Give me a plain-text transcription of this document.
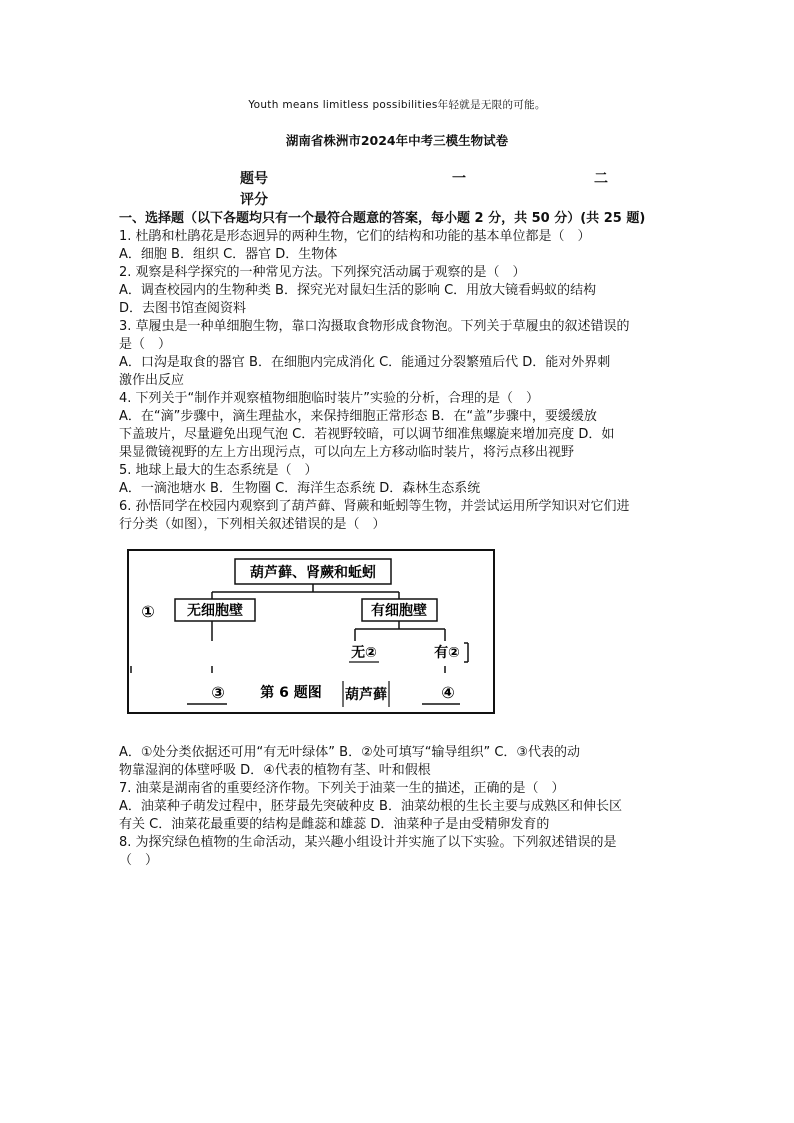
Youth means limitless possibilities年轻就是无限的可能。
湖南省株洲市2024年中考三模生物试卷
题号	一	二
评分

一、选择题（以下各题均只有一个最符合题意的答案，每小题 2 分，共 50 分）(共 25 题)

1. 杜鹃和杜鹃花是形态迥异的两种生物，它们的结构和功能的基本单位都是（　）

A．细胞 B．组织 C．器官 D．生物体

2. 观察是科学探究的一种常见方法。下列探究活动属于观察的是（　）

A．调查校园内的生物种类 B．探究光对鼠妇生活的影响 C．用放大镜看蚂蚁的结构

D．去图书馆查阅资料

3. 草履虫是一种单细胞生物，靠口沟摄取食物形成食物泡。下列关于草履虫的叙述错误的

是（　）

A．口沟是取食的器官 B．在细胞内完成消化 C．能通过分裂繁殖后代 D．能对外界刺

激作出反应

4. 下列关于“制作并观察植物细胞临时装片”实验的分析，合理的是（　）

A．在“滴”步骤中，滴生理盐水，来保持细胞正常形态 B．在“盖”步骤中，要缓缓放

下盖玻片，尽量避免出现气泡 C．若视野较暗，可以调节细准焦螺旋来增加亮度 D．如

果显微镜视野的左上方出现污点，可以向左上方移动临时装片，将污点移出视野

5. 地球上最大的生态系统是（　）

A．一滴池塘水 B．生物圈 C．海洋生态系统 D．森林生态系统

6. 孙悟同学在校园内观察到了葫芦藓、肾蕨和蚯蚓等生物，并尝试运用所学知识对它们进

行分类（如图），下列相关叙述错误的是（　）

葫芦藓、肾蕨和蚯蚓
① 无细胞壁	有细胞壁
无②	有②
③	第 6 题图 葫芦藓	④

A．①处分类依据还可用“有无叶绿体” B．②处可填写“输导组织” C．③代表的动

物靠湿润的体壁呼吸 D．④代表的植物有茎、叶和假根

7. 油菜是湖南省的重要经济作物。下列关于油菜一生的描述，正确的是（　）

A．油菜种子萌发过程中，胚芽最先突破种皮 B．油菜幼根的生长主要与成熟区和伸长区

有关 C．油菜花最重要的结构是雌蕊和雄蕊 D．油菜种子是由受精卵发育的

8. 为探究绿色植物的生命活动，某兴趣小组设计并实施了以下实验。下列叙述错误的是

（　）
